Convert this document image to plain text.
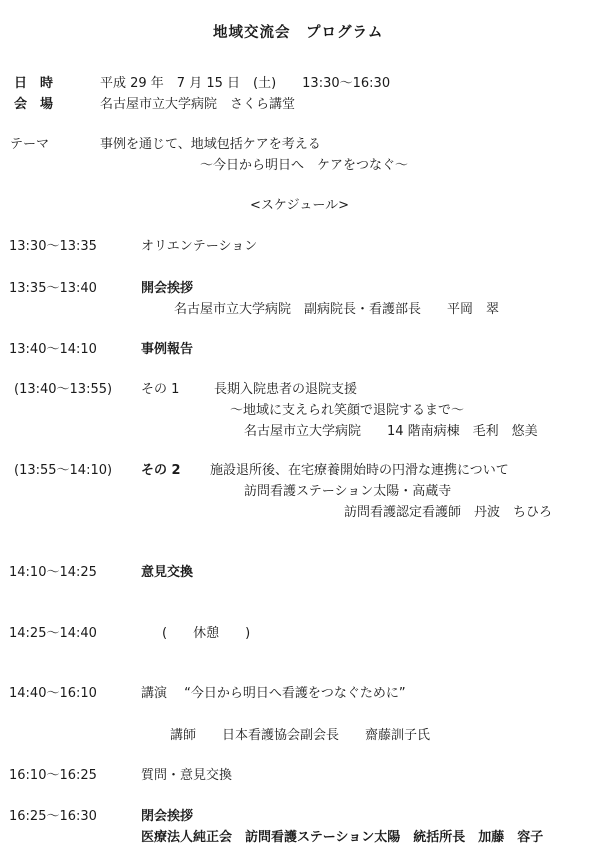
地域交流会　プログラム
日　時	平成 29 年　7 月 15 日　(土)　　13:30〜16:30
会　場	名古屋市立大学病院　さくら講堂
テーマ	事例を通じて、地域包括ケアを考える
〜今日から明日へ　ケアをつなぐ〜
<スケジュール>
13:30〜13:35	オリエンテーション
13:35〜13:40	開会挨拶
名古屋市立大学病院　副病院長・看護部長　　平岡　翠
13:40〜14:10	事例報告
(13:40〜13:55) その 1	長期入院患者の退院支援
〜地域に支えられ笑顔で退院するまで〜
名古屋市立大学病院　　14 階南病棟　毛利　悠美
(13:55〜14:10) その 2 施設退所後、在宅療養開始時の円滑な連携について
訪問看護ステーション太陽・高蔵寺
訪問看護認定看護師　丹波　ちひろ
14:10〜14:25	意見交換
14:25〜14:40	(　　休憩　　)
14:40〜16:10	講演　 “今日から明日へ看護をつなぐために”
講師　　日本看護協会副会長　　齋藤訓子氏
16:10〜16:25	質問・意見交換
16:25〜16:30	閉会挨拶
医療法人純正会　訪問看護ステーション太陽　統括所長　加藤　容子
